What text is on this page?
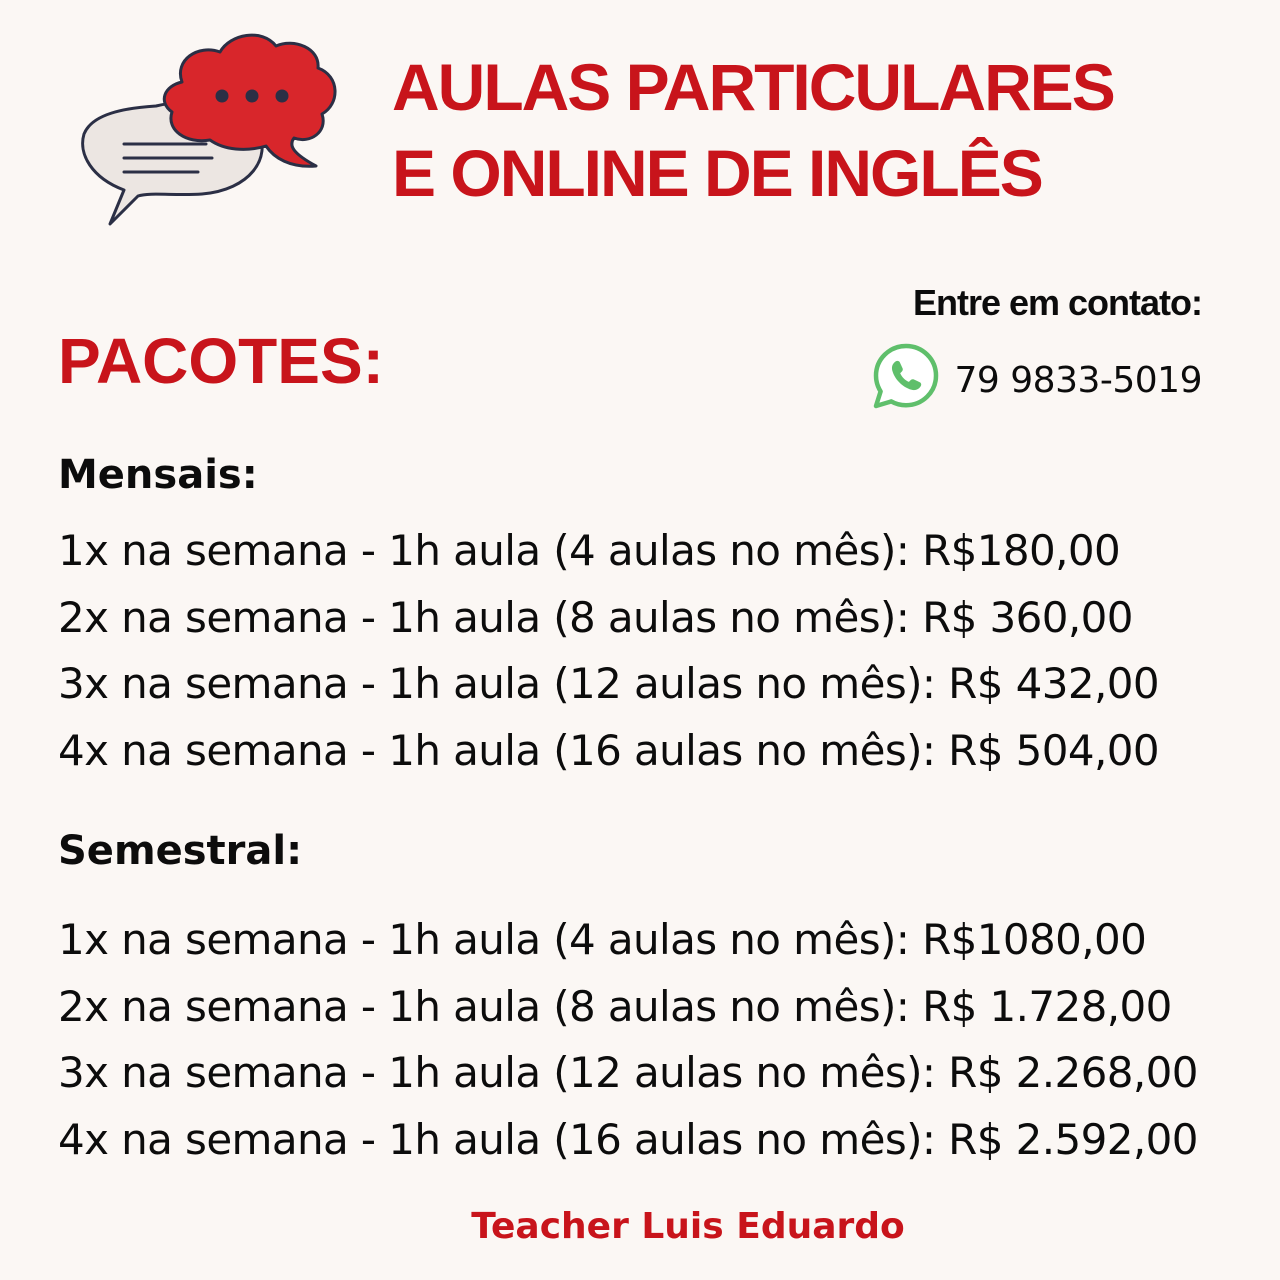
AULAS PARTICULARES
E ONLINE DE INGLÊS
Entre em contato:
79 9833-5019
PACOTES:
Mensais:
1x na semana - 1h aula (4 aulas no mês): R$180,00
2x na semana - 1h aula (8 aulas no mês): R$ 360,00
3x na semana - 1h aula (12 aulas no mês): R$ 432,00
4x na semana - 1h aula (16 aulas no mês): R$ 504,00
Semestral:
1x na semana - 1h aula (4 aulas no mês): R$1080,00
2x na semana - 1h aula (8 aulas no mês): R$ 1.728,00
3x na semana - 1h aula (12 aulas no mês): R$ 2.268,00
4x na semana - 1h aula (16 aulas no mês): R$ 2.592,00
Teacher Luis Eduardo
